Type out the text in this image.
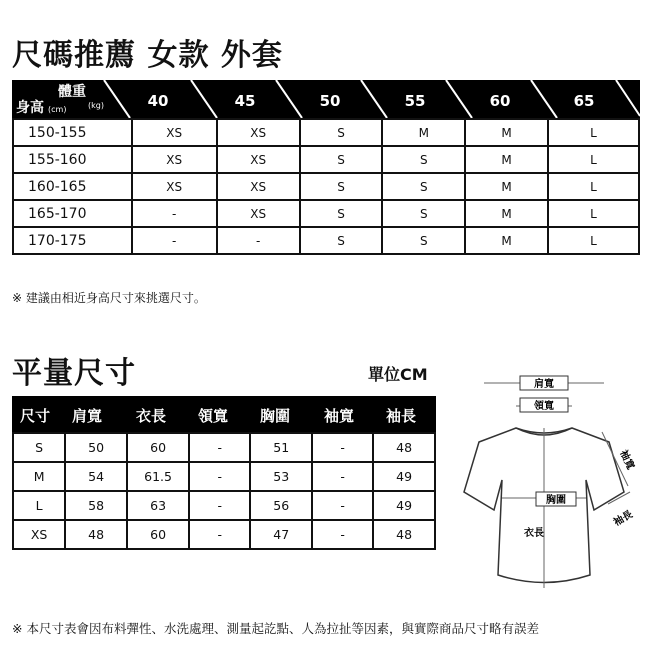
尺碼推薦 女款 外套
體重
(kg)
身高 (cm)	40	45	50	55	60	65
150-155	XS	XS	S	M	M	L
155-160	XS	XS	S	S	M	L
160-165	XS	XS	S	S	M	L
165-170	-	XS	S	S	M	L
170-175	-	-	S	S	M	L
※ 建議由相近身高尺寸來挑選尺寸。
平量尺寸	單位CM
尺寸 肩寬 衣長 領寬 胸圍 袖寬 袖長
S	50	60	-	51	-	48
M	54	61.5	-	53	-	49
L	58	63	-	56	-	49
XS	48	60	-	47	-	48
肩寬
領寬
胸圍
衣長
袖寬
袖長
※ 本尺寸表會因布料彈性、水洗處理、測量起訖點、人為拉扯等因素，與實際商品尺寸略有誤差
